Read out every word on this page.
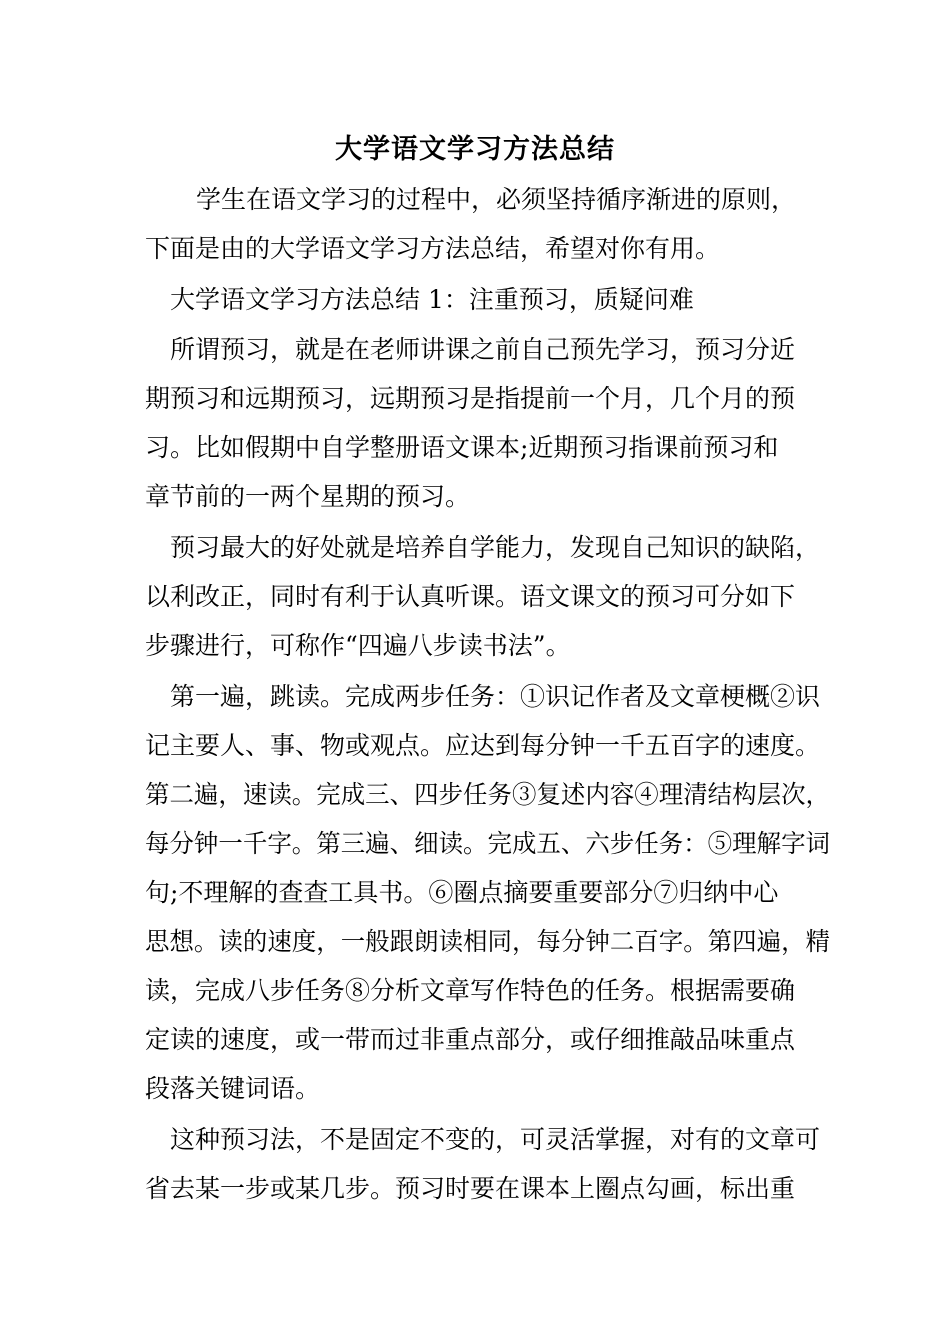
大学语文学习方法总结
学生在语文学习的过程中，必须坚持循序渐进的原则，
下面是由的大学语文学习方法总结，希望对你有用。
大学语文学习方法总结 1：注重预习，质疑问难
所谓预习，就是在老师讲课之前自己预先学习，预习分近
期预习和远期预习，远期预习是指提前一个月，几个月的预
习。比如假期中自学整册语文课本;近期预习指课前预习和
章节前的一两个星期的预习。
预习最大的好处就是培养自学能力，发现自己知识的缺陷，
以利改正，同时有利于认真听课。语文课文的预习可分如下
步骤进行，可称作“四遍八步读书法”。
第一遍，跳读。完成两步任务：①识记作者及文章梗概②识
记主要人、事、物或观点。应达到每分钟一千五百字的速度。
第二遍，速读。完成三、四步任务③复述内容④理清结构层次，
每分钟一千字。第三遍、细读。完成五、六步任务：⑤理解字词
句;不理解的查查工具书。⑥圈点摘要重要部分⑦归纳中心
思想。读的速度，一般跟朗读相同，每分钟二百字。第四遍，精
读，完成八步任务⑧分析文章写作特色的任务。根据需要确
定读的速度，或一带而过非重点部分，或仔细推敲品味重点
段落关键词语。
这种预习法，不是固定不变的，可灵活掌握，对有的文章可
省去某一步或某几步。预习时要在课本上圈点勾画，标出重
